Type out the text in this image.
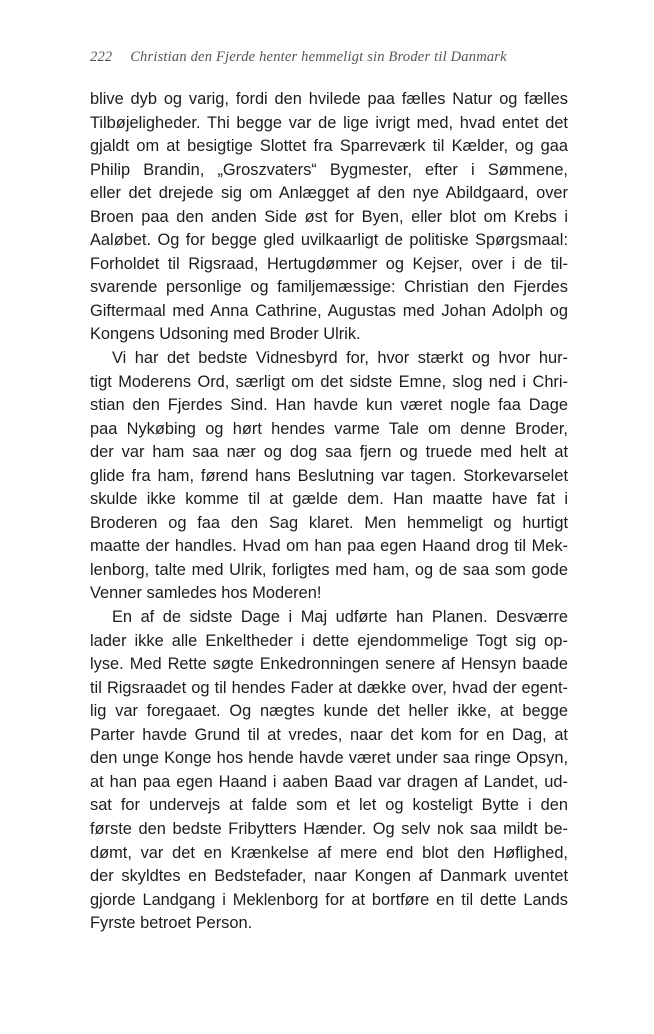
222 Christian den Fjerde henter hemmeligt sin Broder til Danmark
blive dyb og varig, fordi den hvilede paa fælles Natur og fælles
Tilbøjeligheder. Thi begge var de lige ivrigt med, hvad entet det
gjaldt om at besigtige Slottet fra Sparreværk til Kælder, og gaa
Philip Brandin, „Groszvaters“ Bygmester, efter i Sømmene,
eller det drejede sig om Anlægget af den nye Abildgaard, over
Broen paa den anden Side øst for Byen, eller blot om Krebs i
Aaløbet. Og for begge gled uvilkaarligt de politiske Spørgsmaal:
Forholdet til Rigsraad, Hertugdømmer og Kejser, over i de til-
svarende personlige og familjemæssige: Christian den Fjerdes
Giftermaal med Anna Cathrine, Augustas med Johan Adolph og
Kongens Udsoning med Broder Ulrik.
Vi har det bedste Vidnesbyrd for, hvor stærkt og hvor hur-
tigt Moderens Ord, særligt om det sidste Emne, slog ned i Chri-
stian den Fjerdes Sind. Han havde kun været nogle faa Dage
paa Nykøbing og hørt hendes varme Tale om denne Broder,
der var ham saa nær og dog saa fjern og truede med helt at
glide fra ham, førend hans Beslutning var tagen. Storkevarselet
skulde ikke komme til at gælde dem. Han maatte have fat i
Broderen og faa den Sag klaret. Men hemmeligt og hurtigt
maatte der handles. Hvad om han paa egen Haand drog til Mek-
lenborg, talte med Ulrik, forligtes med ham, og de saa som gode
Venner samledes hos Moderen!
En af de sidste Dage i Maj udførte han Planen. Desværre
lader ikke alle Enkeltheder i dette ejendommelige Togt sig op-
lyse. Med Rette søgte Enkedronningen senere af Hensyn baade
til Rigsraadet og til hendes Fader at dække over, hvad der egent-
lig var foregaaet. Og nægtes kunde det heller ikke, at begge
Parter havde Grund til at vredes, naar det kom for en Dag, at
den unge Konge hos hende havde været under saa ringe Opsyn,
at han paa egen Haand i aaben Baad var dragen af Landet, ud-
sat for undervejs at falde som et let og kosteligt Bytte i den
første den bedste Fribytters Hænder. Og selv nok saa mildt be-
dømt, var det en Krænkelse af mere end blot den Høflighed,
der skyldtes en Bedstefader, naar Kongen af Danmark uventet
gjorde Landgang i Meklenborg for at bortføre en til dette Lands
Fyrste betroet Person.
